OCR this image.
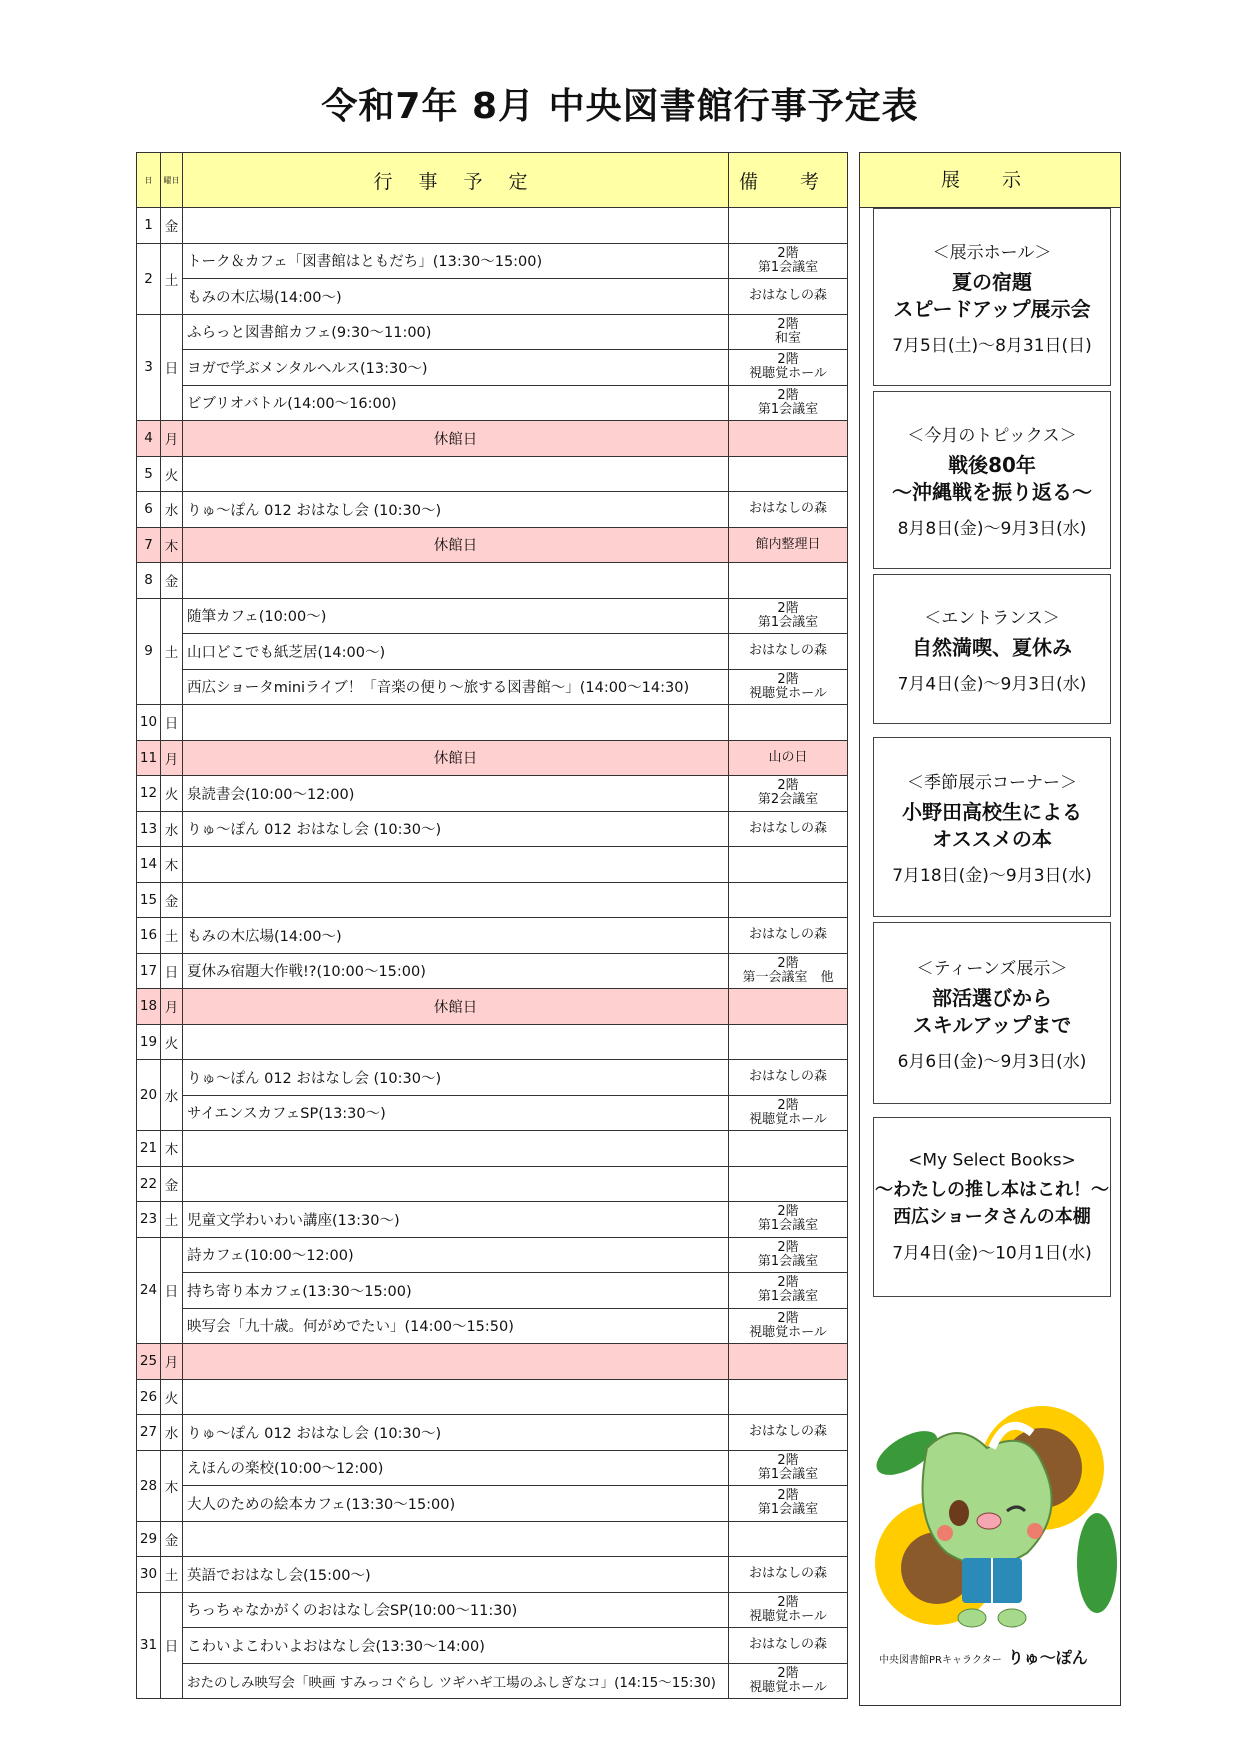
令和7年 8月 中央図書館行事予定表
日	曜日	行 事 予 定	備 考
1	金		
2	土	トーク＆カフェ「図書館はともだち」(13:30～15:00)	2階
第1会議室
		もみの木広場(14:00～)	おはなしの森
3	日	ふらっと図書館カフェ(9:30～11:00)	2階
和室
		ヨガで学ぶメンタルヘルス(13:30～)	2階
視聴覚ホール
		ビブリオバトル(14:00～16:00)	2階
第1会議室
4	月	休館日	
5	火		
6	水	りゅ～ぽん 012 おはなし会 (10:30～)	おはなしの森
7	木	休館日	館内整理日
8	金		
9	土	随筆カフェ(10:00～)	2階
第1会議室
		山口どこでも紙芝居(14:00～)	おはなしの森
		西広ショータminiライブ！「音楽の便り～旅する図書館～」(14:00～14:30)	2階
視聴覚ホール
10	日		
11	月	休館日	山の日
12	火	泉読書会(10:00～12:00)	2階
第2会議室
13	水	りゅ～ぽん 012 おはなし会 (10:30～)	おはなしの森
14	木		
15	金		
16	土	もみの木広場(14:00～)	おはなしの森
17	日	夏休み宿題大作戦!?(10:00～15:00)	2階
第一会議室　他
18	月	休館日	
19	火		
20	水	りゅ～ぽん 012 おはなし会 (10:30～)	おはなしの森
		サイエンスカフェSP(13:30～)	2階
視聴覚ホール
21	木		
22	金		
23	土	児童文学わいわい講座(13:30～)	2階
第1会議室
24	日	詩カフェ(10:00～12:00)	2階
第1会議室
		持ち寄り本カフェ(13:30～15:00)	2階
第1会議室
		映写会「九十歳。何がめでたい」(14:00～15:50)	2階
視聴覚ホール
25	月		
26	火		
27	水	りゅ～ぽん 012 おはなし会 (10:30～)	おはなしの森
28	木	えほんの楽校(10:00～12:00)	2階
第1会議室
		大人のための絵本カフェ(13:30～15:00)	2階
第1会議室
29	金		
30	土	英語でおはなし会(15:00～)	おはなしの森
31	日	ちっちゃなかがくのおはなし会SP(10:00～11:30)	2階
視聴覚ホール
		こわいよこわいよおはなし会(13:30～14:00)	おはなしの森
		おたのしみ映写会「映画 すみっコぐらし ツギハギ工場のふしぎなコ」(14:15～15:30)	2階
視聴覚ホール
展 示
＜展示ホール＞
夏の宿題
スピードアップ展示会
7月5日(土)～8月31日(日)
＜今月のトピックス＞
戦後80年
～沖縄戦を振り返る～
8月8日(金)～9月3日(水)
＜エントランス＞
自然満喫、夏休み
7月4日(金)～9月3日(水)
＜季節展示コーナー＞
小野田高校生による
オススメの本
7月18日(金)～9月3日(水)
＜ティーンズ展示＞
部活選びから
スキルアップまで
6月6日(金)～9月3日(水)
<My Select Books>
～わたしの推し本はこれ！～
西広ショータさんの本棚
7月4日(金)～10月1日(水)
中央図書館PRキャラクター りゅ～ぽん
